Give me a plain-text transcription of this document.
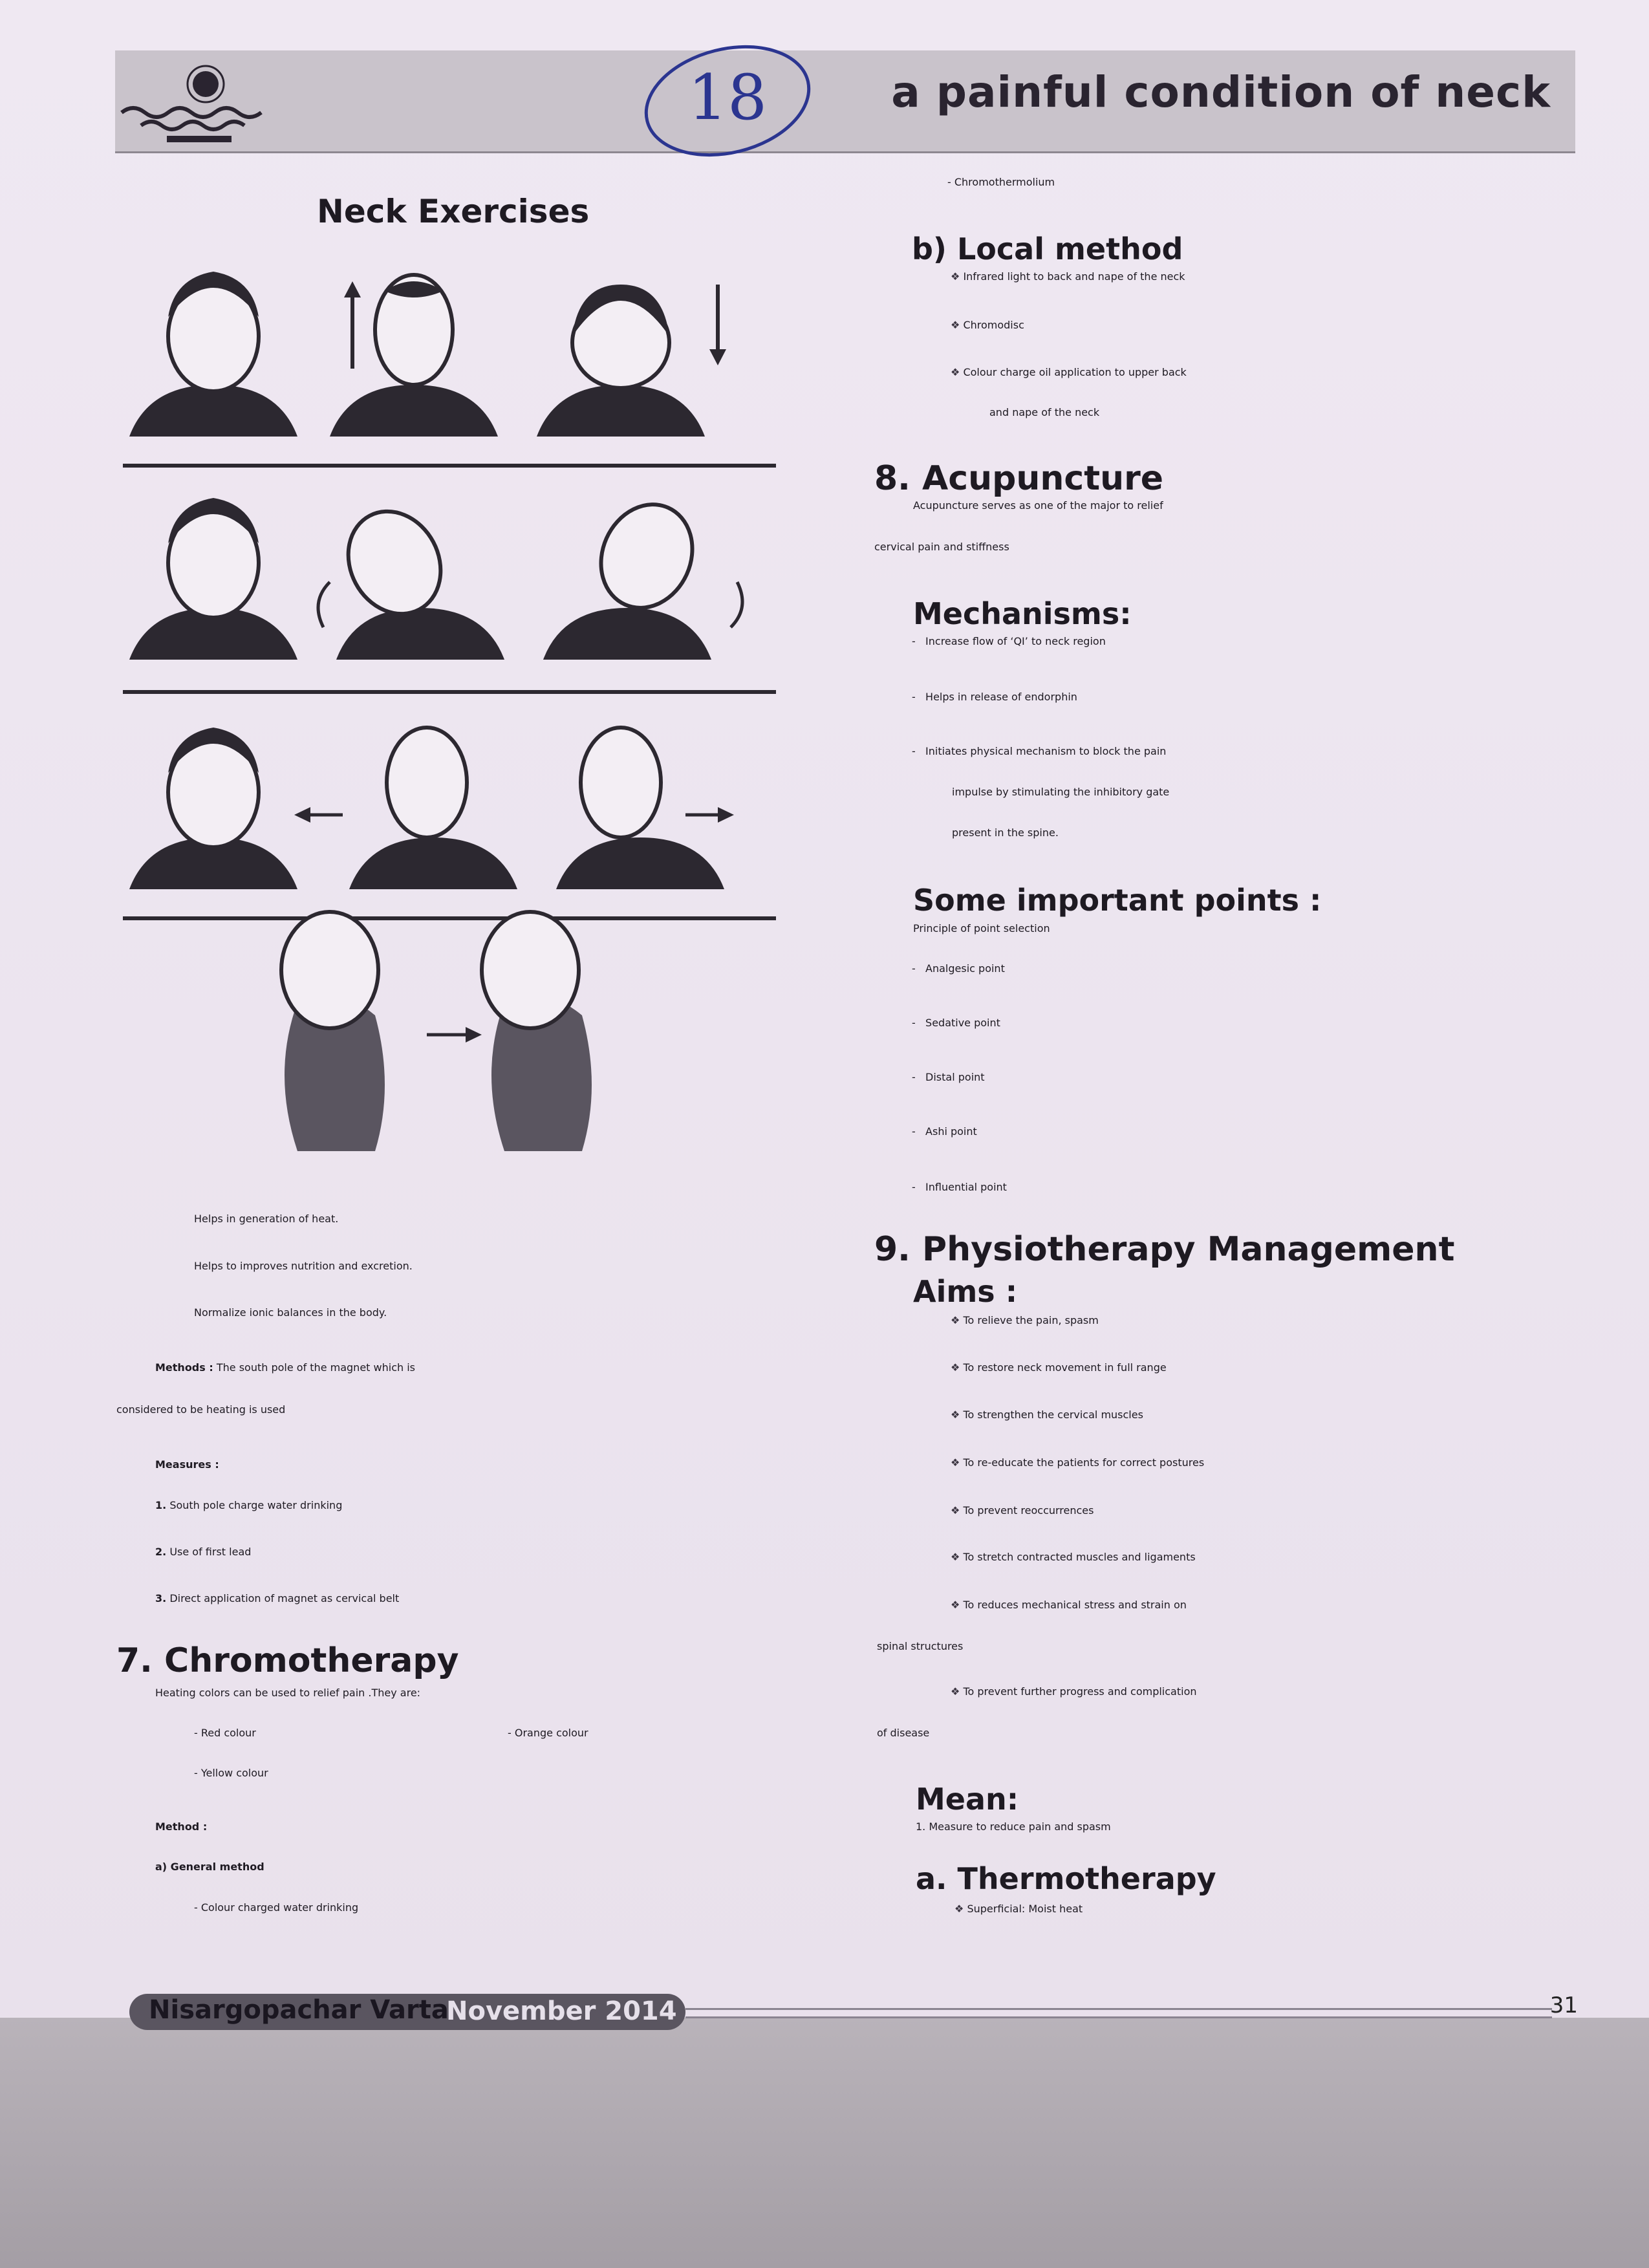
a painful condition of neck
18
Neck Exercises
Helps in generation of heat.
Helps to improves nutrition and excretion.
Normalize ionic balances in the body.
Methods : The south pole of the magnet which is
considered to be heating is used
Measures :
1. South pole charge water drinking
2. Use of first lead
3. Direct application of magnet as cervical belt
7. Chromotherapy
Heating colors can be used to relief pain .They are:
- Red colour	- Orange colour
- Yellow colour
Method :
a) General method
- Colour charged water drinking
- Chromothermolium
b) Local method
❖ Infrared light to back and nape of the neck
❖ Chromodisc
❖ Colour charge oil application to upper back
and nape of the neck
8. Acupuncture
Acupuncture serves as one of the major to relief
cervical pain and stiffness
Mechanisms:
-   Increase flow of ‘QI’ to neck region
-   Helps in release of endorphin
-   Initiates physical mechanism to block the pain
impulse by stimulating the inhibitory gate
present in the spine.
Some important points :
Principle of point selection
-   Analgesic point
-   Sedative point
-   Distal point
-   Ashi point
-   Influential point
9. Physiotherapy Management
Aims :
❖ To relieve the pain, spasm
❖ To restore neck movement in full range
❖ To strengthen the cervical muscles
❖ To re-educate the patients for correct postures
❖ To prevent reoccurrences
❖ To stretch contracted muscles and ligaments
❖ To reduces mechanical stress and strain on
spinal structures
❖ To prevent further progress and complication
of disease
Mean:
1. Measure to reduce pain and spasm
a. Thermotherapy
❖ Superficial: Moist heat
Nisargopachar Varta :
November 2014	31
